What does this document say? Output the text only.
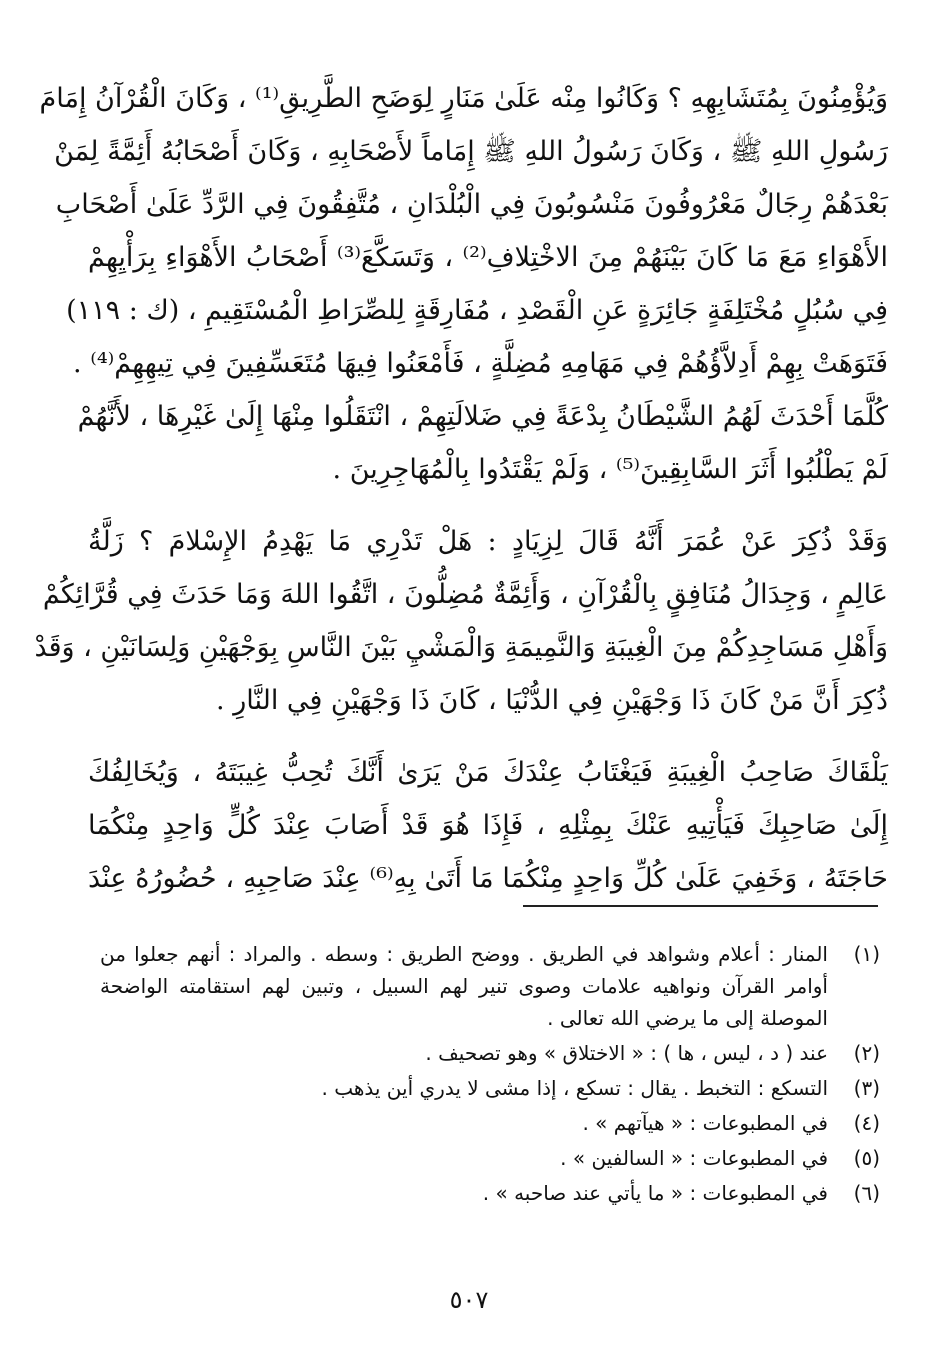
وَيُؤْمِنُونَ بِمُتَشَابِهِهِ ؟ وَكَانُوا مِنْه عَلَىٰ مَنَارٍ لِوَضَحِ الطَّرِيقِ⁽¹⁾ ، وَكَانَ الْقُرْآنُ إِمَامَ
رَسُولِ اللهِ ﷺ ، وَكَانَ رَسُولُ اللهِ ﷺ إِمَاماً لأَصْحَابِهِ ، وَكَانَ أَصْحَابُهُ أَئِمَّةً لِمَنْ
بَعْدَهُمْ رِجَالٌ مَعْرُوفُونَ مَنْسُوبُونَ فِي الْبُلْدَانِ ، مُتَّفِقُونَ فِي الرَّدِّ عَلَىٰ أَصْحَابِ
الأَهْوَاءِ مَعَ مَا كَانَ بَيْنَهُمْ مِنَ الاخْتِلافِ⁽²⁾ ، وَتَسَكَّعَ⁽³⁾ أَصْحَابُ الأَهْوَاءِ بِرَأْيِهِمْ
فِي سُبُلٍ مُخْتَلِفَةٍ جَائِرَةٍ عَنِ الْقَصْدِ ، مُفَارِقَةٍ لِلصِّرَاطِ الْمُسْتَقِيمِ ، (ك : ١١٩)
فَتَوَهَتْ بِهِمْ أَدِلاَّؤُهُمْ فِي مَهَامِهِ مُضِلَّةٍ ، فَأَمْعَنُوا فِيهَا مُتَعَسِّفِينَ فِي تِيهِهِمْ⁽⁴⁾ .
كُلَّمَا أَحْدَثَ لَهُمُ الشَّيْطَانُ بِدْعَةً فِي ضَلالَتِهِمْ ، انْتَقَلُوا مِنْهَا إِلَىٰ غَيْرِهَا ، لأَنَّهُمْ
لَمْ يَطْلُبُوا أَثَرَ السَّابِقِينَ⁽⁵⁾ ، وَلَمْ يَقْتَدُوا بِالْمُهَاجِرِينَ .

وَقَدْ ذُكِرَ عَنْ عُمَرَ أَنَّهُ قَالَ لِزِيَادٍ : هَلْ تَدْرِي مَا يَهْدِمُ الإِسْلامَ ؟ زَلَّةُ
عَالِمٍ ، وَجِدَالُ مُنَافِقٍ بِالْقُرْآنِ ، وَأَئِمَّةٌ مُضِلُّونَ ، اتَّقُوا اللهَ وَمَا حَدَثَ فِي قُرَّائِكُمْ
وَأَهْلِ مَسَاجِدِكُمْ مِنَ الْغِيبَةِ وَالنَّمِيمَةِ وَالْمَشْيِ بَيْنَ النَّاسِ بِوَجْهَيْنِ وَلِسَانَيْنِ ، وَقَدْ
ذُكِرَ أَنَّ مَنْ كَانَ ذَا وَجْهَيْنِ فِي الدُّنْيَا ، كَانَ ذَا وَجْهَيْنِ فِي النَّارِ .

يَلْقَاكَ صَاحِبُ الْغِيبَةِ فَيَغْتَابُ عِنْدَكَ مَنْ يَرَىٰ أَنَّكَ تُحِبُّ غِيبَتَهُ ، وَيُخَالِفُكَ
إِلَىٰ صَاحِبِكَ فَيَأْتِيهِ عَنْكَ بِمِثْلِهِ ، فَإِذَا هُوَ قَدْ أَصَابَ عِنْدَ كُلٍّ وَاحِدٍ مِنْكُمَا
حَاجَتَهُ ، وَخَفِيَ عَلَىٰ كُلِّ وَاحِدٍ مِنْكُمَا مَا أَتَىٰ بِهِ⁽⁶⁾ عِنْدَ صَاحِبِهِ ، حُضُورُهُ عِنْدَ

(١)
المنار : أعلام وشواهد في الطريق . ووضح الطريق : وسطه . والمراد : أنهم جعلوا من أوامر القرآن ونواهيه علامات وصوى تنير لهم السبيل ، وتبين لهم استقامته الواضحة الموصلة إلى ما يرضي الله تعالى .
(٢)
عند ( د ، ليس ، ها ) : « الاختلاق » وهو تصحيف .
(٣)
التسكع : التخبط . يقال : تسكع ، إذا مشى لا يدري أين يذهب .
(٤)
في المطبوعات : « هيآتهم » .
(٥)
في المطبوعات : « السالفين » .
(٦)
في المطبوعات : « ما يأتي عند صاحبه » .
٥٠٧
